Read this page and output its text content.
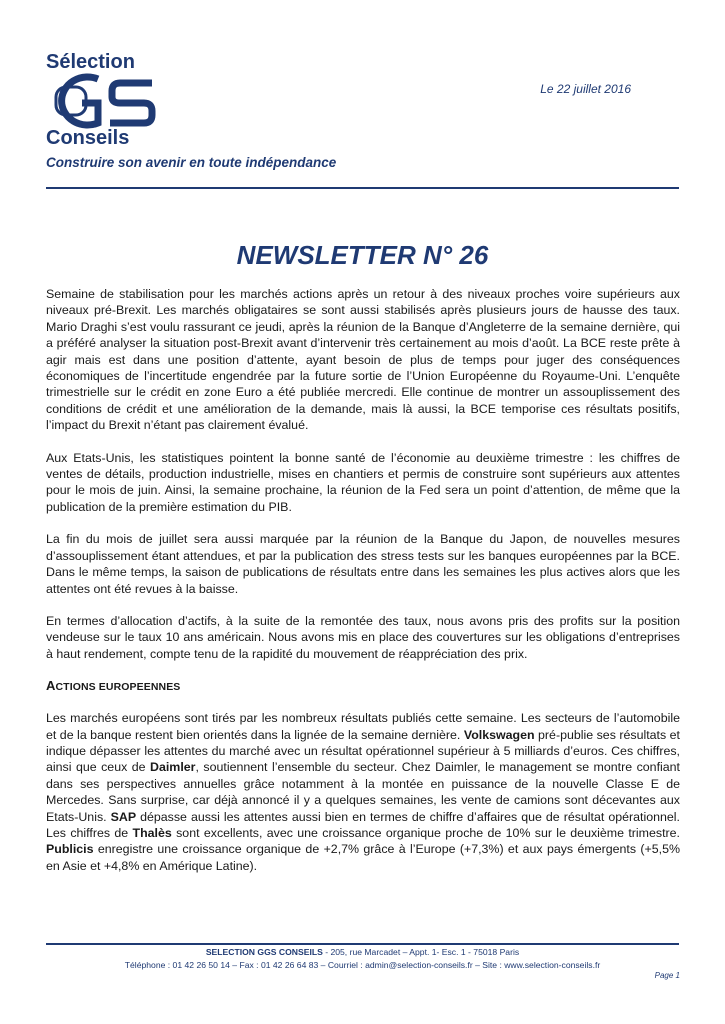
Sélection
Conseils
Construire son avenir en toute indépendance
Le 22 juillet 2016
NEWSLETTER N° 26

Semaine de stabilisation pour les marchés actions après un retour à des niveaux proches voire supérieurs aux niveaux pré-Brexit. Les marchés obligataires se sont aussi stabilisés après plusieurs jours de hausse des taux. Mario Draghi s’est voulu rassurant ce jeudi, après la réunion de la Banque d’Angleterre de la semaine dernière, qui a préféré analyser la situation post-Brexit avant d’intervenir très certainement au mois d’août. La BCE reste prête à agir mais est dans une position d’attente, ayant besoin de plus de temps pour juger des conséquences économiques de l’incertitude engendrée par la future sortie de l’Union Européenne du Royaume-Uni. L’enquête trimestrielle sur le crédit en zone Euro a été publiée mercredi. Elle continue de montrer un assouplissement des conditions de crédit et une amélioration de la demande, mais là aussi, la BCE temporise ces résultats positifs, l’impact du Brexit n’étant pas clairement évalué.

Aux Etats-Unis, les statistiques pointent la bonne santé de l’économie au deuxième trimestre : les chiffres de ventes de détails, production industrielle, mises en chantiers et permis de construire sont supérieurs aux attentes pour le mois de juin. Ainsi, la semaine prochaine, la réunion de la Fed sera un point d’attention, de même que la publication de la première estimation du PIB.

La fin du mois de juillet sera aussi marquée par la réunion de la Banque du Japon, de nouvelles mesures d’assouplissement étant attendues, et par la publication des stress tests sur les banques européennes par la BCE. Dans le même temps, la saison de publications de résultats entre dans les semaines les plus actives alors que les attentes ont été revues à la baisse.

En termes d’allocation d’actifs, à la suite de la remontée des taux, nous avons pris des profits sur la position vendeuse sur le taux 10 ans américain. Nous avons mis en place des couvertures sur les obligations d’entreprises à haut rendement, compte tenu de la rapidité du mouvement de réappréciation des prix.

ACTIONS EUROPEENNES

Les marchés européens sont tirés par les nombreux résultats publiés cette semaine. Les secteurs de l’automobile et de la banque restent bien orientés dans la lignée de la semaine dernière. Volkswagen pré-publie ses résultats et indique dépasser les attentes du marché avec un résultat opérationnel supérieur à 5 milliards d’euros. Ces chiffres, ainsi que ceux de Daimler, soutiennent l’ensemble du secteur. Chez Daimler, le management se montre confiant dans ses perspectives annuelles grâce notamment à la montée en puissance de la nouvelle Classe E de Mercedes. Sans surprise, car déjà annoncé il y a quelques semaines, les vente de camions sont décevantes aux Etats-Unis. SAP dépasse aussi les attentes aussi bien en termes de chiffre d’affaires que de résultat opérationnel. Les chiffres de Thalès sont excellents, avec une croissance organique proche de 10% sur le deuxième trimestre. Publicis enregistre une croissance organique de +2,7% grâce à l’Europe (+7,3%) et aux pays émergents (+5,5% en Asie et +4,8% en Amérique Latine).

SELECTION GGS CONSEILS - 205, rue Marcadet – Appt. 1- Esc. 1 - 75018 Paris
Téléphone : 01 42 26 50 14 – Fax : 01 42 26 64 83 – Courriel : admin@selection-conseils.fr – Site : www.selection-conseils.fr
Page 1
